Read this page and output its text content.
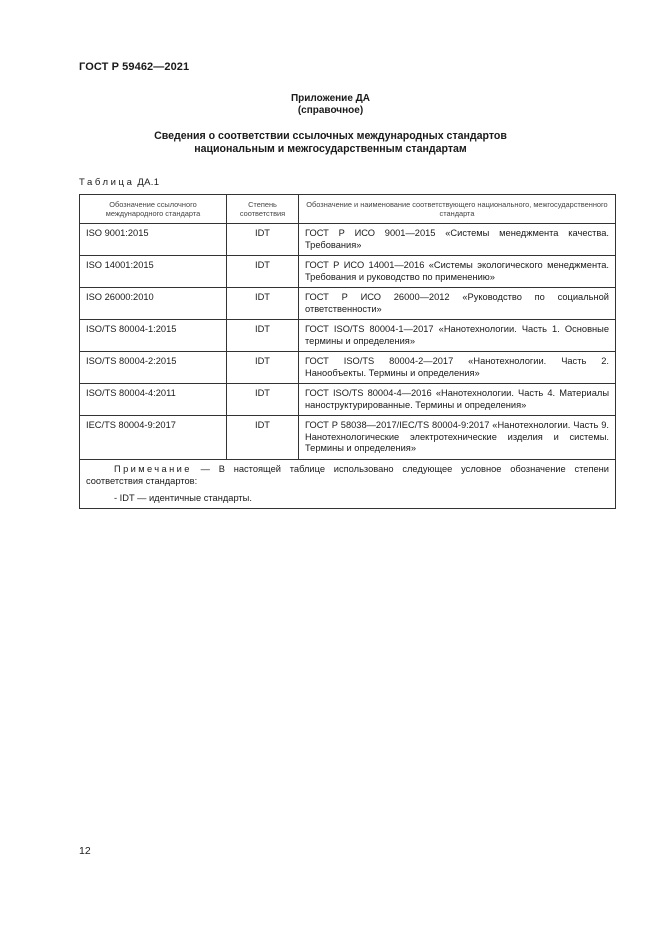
ГОСТ Р 59462—2021
Приложение ДА
(справочное)
Сведения о соответствии ссылочных международных стандартов
национальным и межгосударственным стандартам
Таблица ДА.1
Обозначение ссылочного международного стандарта	Степень соответствия	Обозначение и наименование соответствующего национального, межгосударственного стандарта
ISO 9001:2015	IDT	ГОСТ Р ИСО 9001—2015 «Системы менеджмента качества. Требования»
ISO 14001:2015	IDT	ГОСТ Р ИСО 14001—2016 «Системы экологического менеджмента. Требования и руководство по применению»
ISO 26000:2010	IDT	ГОСТ Р ИСО 26000—2012 «Руководство по социальной ответственности»
ISO/TS 80004-1:2015	IDT	ГОСТ ISO/TS 80004-1—2017 «Нанотехнологии. Часть 1. Основные термины и определения»
ISO/TS 80004-2:2015	IDT	ГОСТ ISO/TS 80004-2—2017 «Нанотехнологии. Часть 2. Нанообъекты. Термины и определения»
ISO/TS 80004-4:2011	IDT	ГОСТ ISO/TS 80004-4—2016 «Нанотехнологии. Часть 4. Материалы наноструктурированные. Термины и определения»
IEC/TS 80004-9:2017	IDT	ГОСТ Р 58038—2017/IEC/TS 80004-9:2017 «Нанотехнологии. Часть 9. Нанотехнологические электротехнические изделия и системы. Термины и определения»

Примечание — В настоящей таблице использовано следующее условное обозначение степени соответствия стандартов:
- IDT — идентичные стандарты.		
12
